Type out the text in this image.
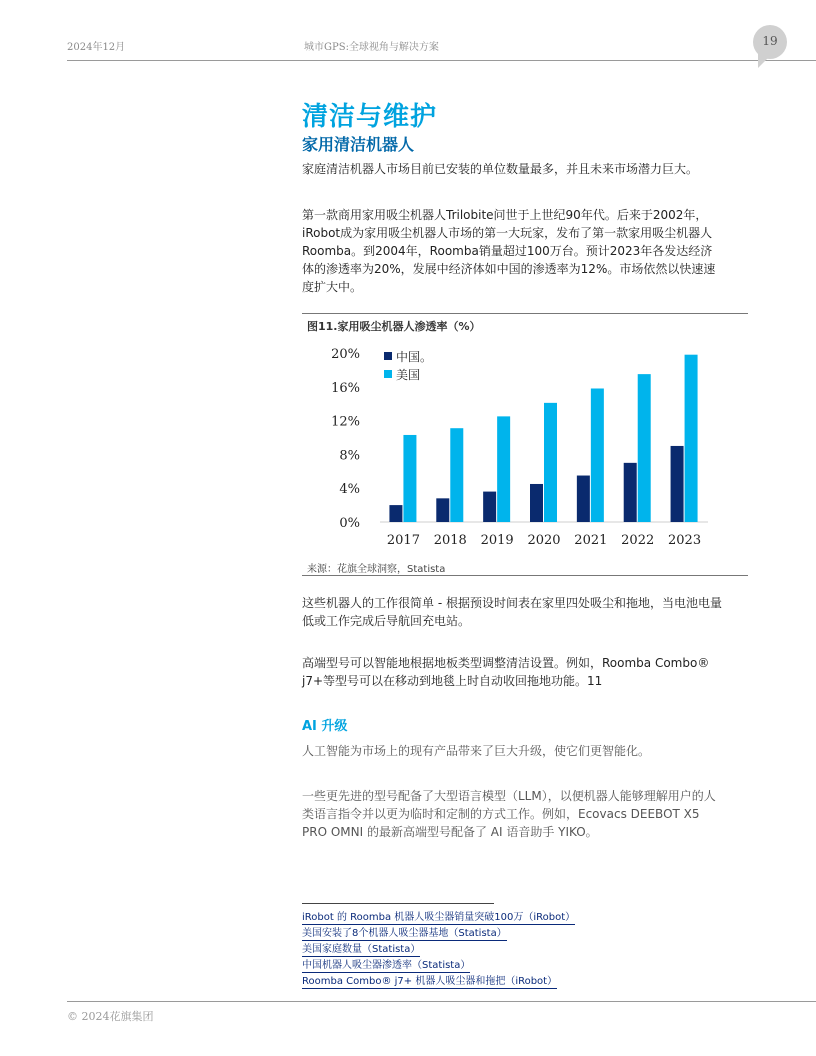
2024年12月	城市GPS:全球视角与解决方案	19
清洁与维护
家用清洁机器人

家庭清洁机器人市场目前已安装的单位数量最多，并且未来市场潜力巨大。

第一款商用家用吸尘机器人Trilobite问世于上世纪90年代。后来于2002年，iRobot成为家用吸尘机器人市场的第一大玩家，发布了第一款家用吸尘机器人Roomba。到2004年，Roomba销量超过100万台。预计2023年各发达经济体的渗透率为20%，发展中经济体如中国的渗透率为12%。市场依然以快速速度扩大中。

图11.家用吸尘机器人渗透率（%）
0%
4%
8%
12%
16%
20%
2017 2018 2019 2020 2021 2022 2023
中国。
美国
来源：花旗全球洞察，Statista

这些机器人的工作很简单 - 根据预设时间表在家里四处吸尘和拖地，当电池电量低或工作完成后导航回充电站。

高端型号可以智能地根据地板类型调整清洁设置。例如，Roomba Combo® j7+等型号可以在移动到地毯上时自动收回拖地功能。11

AI 升级

人工智能为市场上的现有产品带来了巨大升级，使它们更智能化。

一些更先进的型号配备了大型语言模型（LLM），以便机器人能够理解用户的人类语言指令并以更为临时和定制的方式工作。例如，Ecovacs DEEBOT X5 PRO OMNI 的最新高端型号配备了 AI 语音助手 YIKO。

iRobot 的 Roomba 机器人吸尘器销量突破100万（iRobot）
美国安装了8个机器人吸尘器基地（Statista）
美国家庭数量（Statista）
中国机器人吸尘器渗透率（Statista）
Roomba Combo® j7+ 机器人吸尘器和拖把（iRobot）
© 2024花旗集团
